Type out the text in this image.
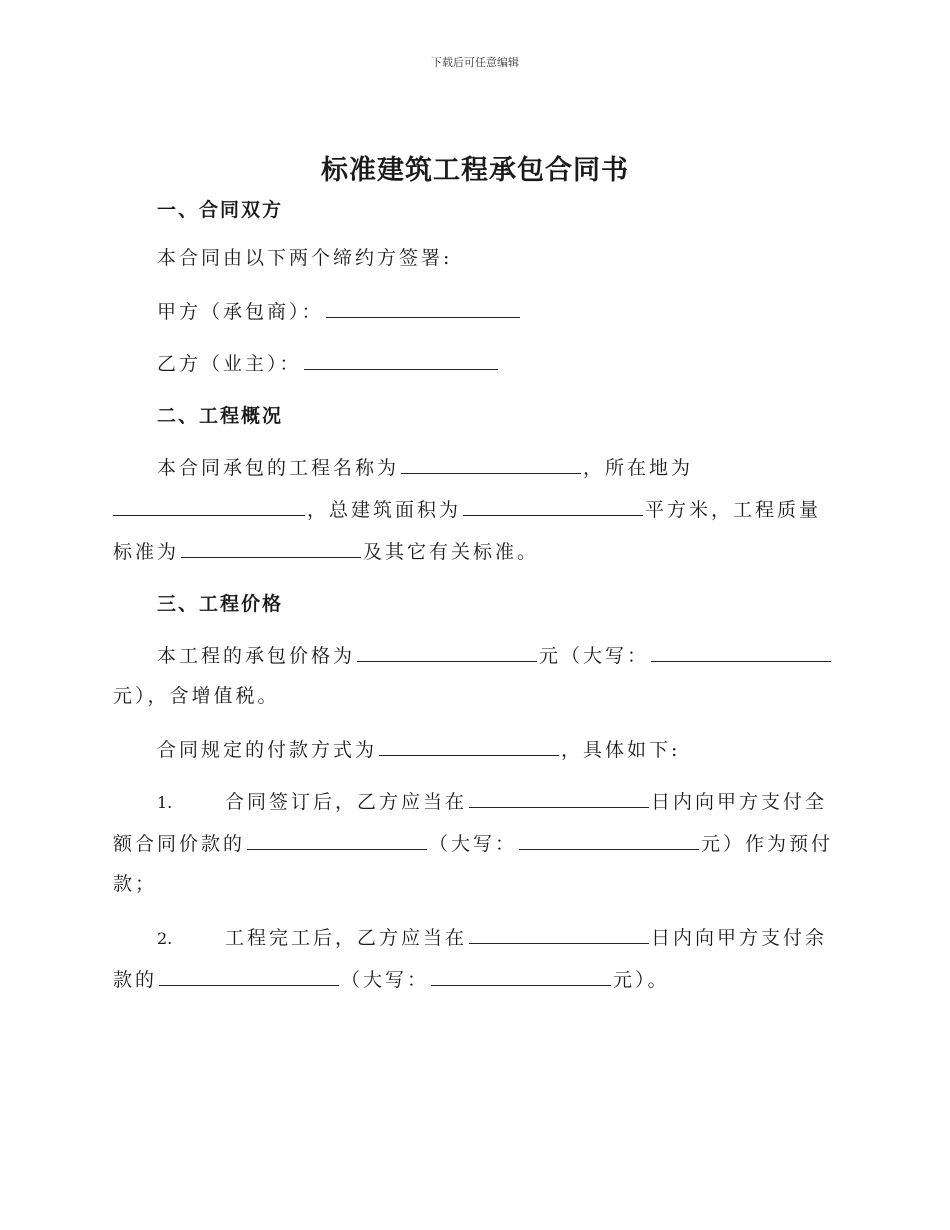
下载后可任意编辑
标准建筑工程承包合同书
一、合同双方
本合同由以下两个缔约方签署:
甲方（承包商）：
乙方（业主）：
二、工程概况
本合同承包的工程名称为	，所在地为
，总建筑面积为	平方米，工程质量
标准为	及其它有关标准。
三、工程价格
本工程的承包价格为	元（大写：
元），含增值税。
合同规定的付款方式为	，具体如下:
1.	合同签订后，乙方应当在	日内向甲方支付全
额合同价款的	（大写：	元）作为预付
款；
2.	工程完工后，乙方应当在	日内向甲方支付余
款的	（大写：	元）。
